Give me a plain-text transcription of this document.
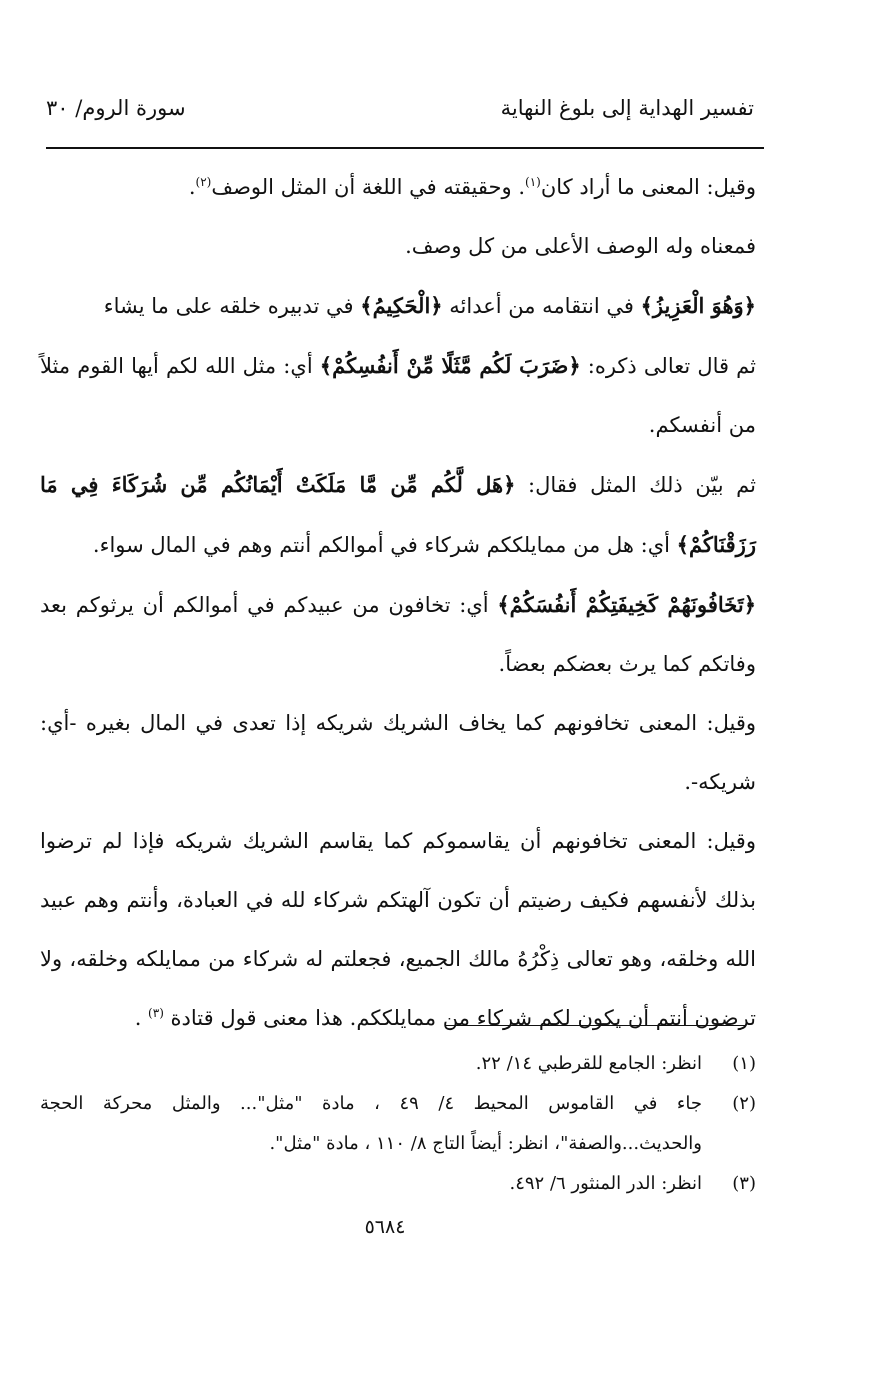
تفسير الهداية إلى بلوغ النهاية
سورة الروم/ ٣٠

وقيل: المعنى ما أراد كان$^{(١)}$. وحقيقته في اللغة أن المثل الوصف$^{(٢)}$.

فمعناه وله الوصف الأعلى من كل وصف.

﴿وَهُوَ الْعَزِيزُ﴾ في انتقامه من أعدائه ﴿الْحَكِيمُ﴾ في تدبيره خلقه على ما يشاء

ثم قال تعالى ذكره: ﴿ضَرَبَ لَكُم مَّثَلًا مِّنْ أَنفُسِكُمْ﴾ أي: مثل الله لكم أيها القوم مثلاً من أنفسكم.

ثم بيّن ذلك المثل فقال: ﴿هَل لَّكُم مِّن مَّا مَلَكَتْ أَيْمَانُكُم مِّن شُرَكَاءَ فِي مَا رَزَقْنَاكُمْ﴾ أي: هل من ممايلككم شركاء في أموالكم أنتم وهم في المال سواء.

﴿تَخَافُونَهُمْ كَخِيفَتِكُمْ أَنفُسَكُمْ﴾ أي: تخافون من عبيدكم في أموالكم أن يرثوكم بعد وفاتكم كما يرث بعضكم بعضاً.

وقيل: المعنى تخافونهم كما يخاف الشريك شريكه إذا تعدى في المال بغيره -أي: شريكه-.

وقيل: المعنى تخافونهم أن يقاسموكم كما يقاسم الشريك شريكه فإذا لم ترضوا بذلك لأنفسهم فكيف رضيتم أن تكون آلهتكم شركاء لله في العبادة، وأنتم وهم عبيد الله وخلقه، وهو تعالى ذِكْرُهُ مالك الجميع، فجعلتم له شركاء من ممايلكه وخلقه، ولا ترضون أنتم أن يكون لكم شركاء من ممايلككم. هذا معنى قول قتادة $^{(٣)}$ .

(١)
انظر: الجامع للقرطبي ١٤/ ٢٢.
(٢)
جاء في القاموس المحيط ٤/ ٤٩ ، مادة "مثل"... والمثل محركة الحجة والحديث...والصفة"، انظر: أيضاً التاج ٨/ ١١٠ ، مادة "مثل".
(٣)
انظر: الدر المنثور ٦/ ٤٩٢.
٥٦٨٤
